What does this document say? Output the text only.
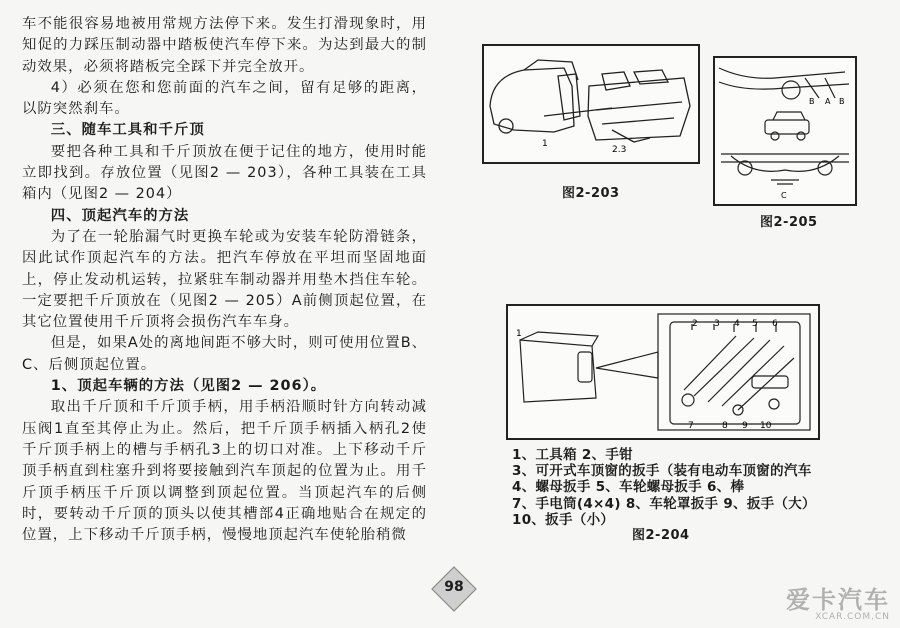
车不能很容易地被用常规方法停下来。发生打滑现象时，用知促的力踩压制动器中踏板使汽车停下来。为达到最大的制动效果，必须将踏板完全踩下并完全放开。

4）必须在您和您前面的汽车之间，留有足够的距离，以防突然刹车。

三、随车工具和千斤顶

要把各种工具和千斤顶放在便于记住的地方，使用时能立即找到。存放位置（见图2 — 203），各种工具装在工具箱内（见图2 — 204）

四、顶起汽车的方法

为了在一轮胎漏气时更换车轮或为安装车轮防滑链条，因此试作顶起汽车的方法。把汽车停放在平坦而坚固地面上，停止发动机运转，拉紧驻车制动器并用垫木挡住车轮。一定要把千斤顶放在（见图2 — 205）A前侧顶起位置，在其它位置使用千斤顶将会损伤汽车车身。

但是，如果A处的离地间距不够大时，则可使用位置B、C、后侧顶起位置。

1、顶起车辆的方法（见图2 — 206）。

取出千斤顶和千斤顶手柄，用手柄沿顺时针方向转动减压阀1直至其停止为止。然后，把千斤顶手柄插入柄孔2使千斤顶手柄上的槽与手柄孔3上的切口对准。上下移动千斤顶手柄直到柱塞升到将要接触到汽车顶起的位置为止。用千斤顶手柄压千斤顶以调整到顶起位置。当顶起汽车的后侧时，要转动千斤顶的顶头以使其槽部4正确地贴合在规定的位置，上下移动千斤顶手柄，慢慢地顶起汽车使轮胎稍微

1
2.3
图2-203
B A B
C
图2-205
1
2 3 4 5 6
7	8 9 10
1、工具箱 2、手钳
3、可开式车顶窗的扳手（装有电动车顶窗的汽车
4、螺母扳手 5、车轮螺母扳手 6、棒
7、手电筒(4×4) 8、车轮罩扳手 9、扳手（大）
10、扳手（小）
图2-204
98	爱卡汽车
XCAR.COM.CN
